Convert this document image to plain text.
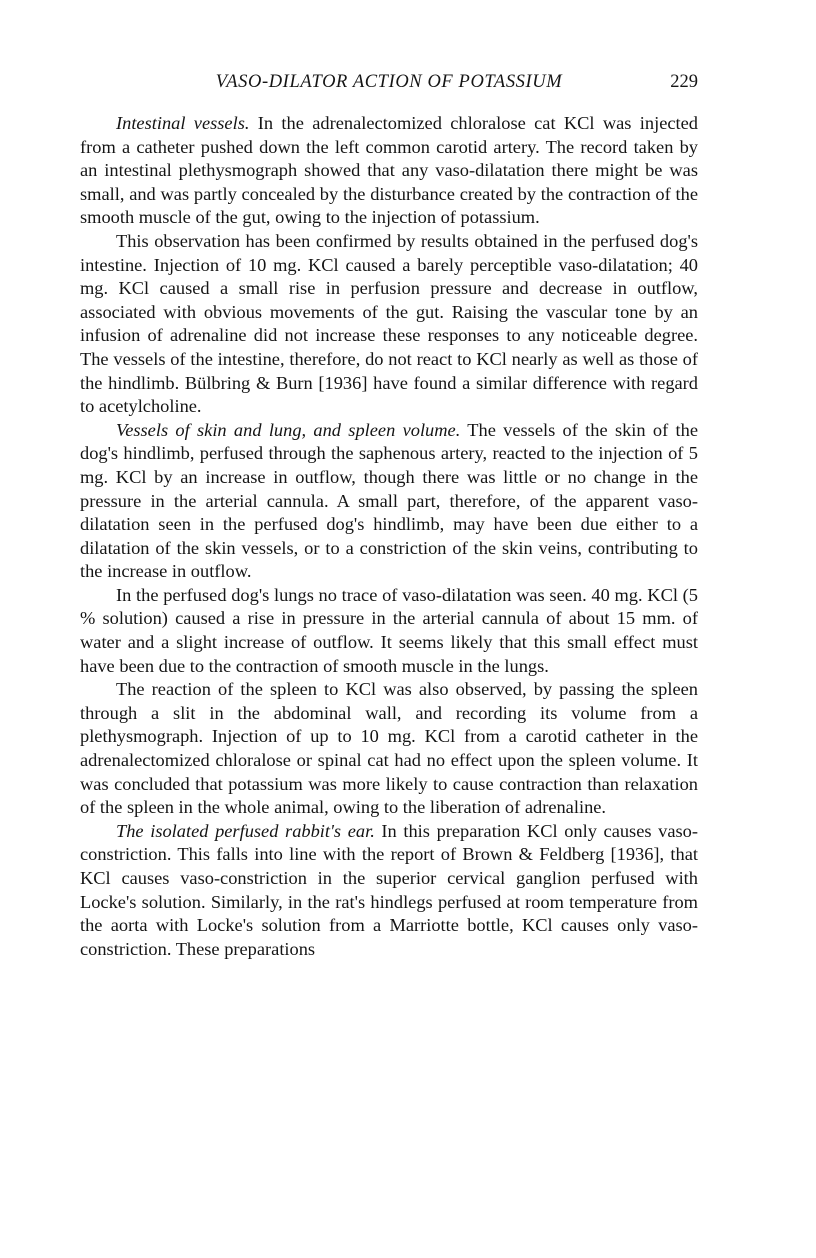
VASO-DILATOR ACTION OF POTASSIUM	229

Intestinal vessels. In the adrenalectomized chloralose cat KCl was injected from a catheter pushed down the left common carotid artery. The record taken by an intestinal plethysmograph showed that any vaso-dilatation there might be was small, and was partly concealed by the disturbance created by the contraction of the smooth muscle of the gut, owing to the injection of potassium.

This observation has been confirmed by results obtained in the perfused dog's intestine. Injection of 10 mg. KCl caused a barely perceptible vaso-dilatation; 40 mg. KCl caused a small rise in perfusion pressure and decrease in outflow, associated with obvious movements of the gut. Raising the vascular tone by an infusion of adrenaline did not increase these responses to any noticeable degree. The vessels of the intestine, therefore, do not react to KCl nearly as well as those of the hindlimb. Bülbring & Burn [1936] have found a similar difference with regard to acetylcholine.

Vessels of skin and lung, and spleen volume. The vessels of the skin of the dog's hindlimb, perfused through the saphenous artery, reacted to the injection of 5 mg. KCl by an increase in outflow, though there was little or no change in the pressure in the arterial cannula. A small part, therefore, of the apparent vaso-dilatation seen in the perfused dog's hindlimb, may have been due either to a dilatation of the skin vessels, or to a constriction of the skin veins, contributing to the increase in outflow.

In the perfused dog's lungs no trace of vaso-dilatation was seen. 40 mg. KCl (5 % solution) caused a rise in pressure in the arterial cannula of about 15 mm. of water and a slight increase of outflow. It seems likely that this small effect must have been due to the contraction of smooth muscle in the lungs.

The reaction of the spleen to KCl was also observed, by passing the spleen through a slit in the abdominal wall, and recording its volume from a plethysmograph. Injection of up to 10 mg. KCl from a carotid catheter in the adrenalectomized chloralose or spinal cat had no effect upon the spleen volume. It was concluded that potassium was more likely to cause contraction than relaxation of the spleen in the whole animal, owing to the liberation of adrenaline.

The isolated perfused rabbit's ear. In this preparation KCl only causes vaso-constriction. This falls into line with the report of Brown & Feldberg [1936], that KCl causes vaso-constriction in the superior cervical ganglion perfused with Locke's solution. Similarly, in the rat's hindlegs perfused at room temperature from the aorta with Locke's solution from a Marriotte bottle, KCl causes only vaso-constriction. These preparations
